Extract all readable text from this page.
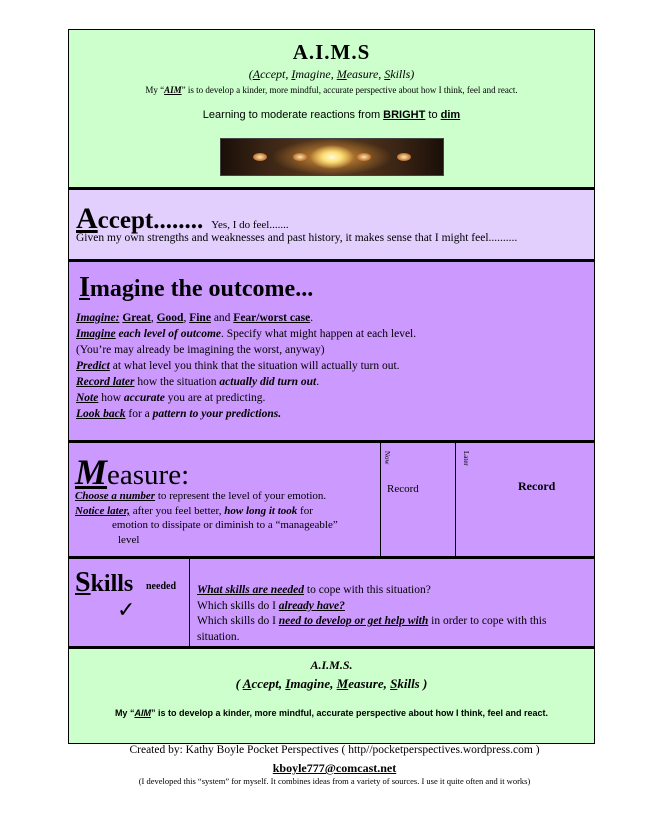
A.I.M.S
(Accept, Imagine, Measure, Skills)
My “AIM” is to develop a kinder, more mindful, accurate perspective about how I think, feel and react.
Learning to moderate reactions from BRIGHT to dim
Accept........ Yes, I do feel.......
Given my own strengths and weaknesses and past history, it makes sense that I might feel..........
Imagine the outcome...
Imagine: Great, Good, Fine and Fear/worst case.
Imagine each level of outcome. Specify what might happen at each level.
(You’re may already be imagining the worst, anyway)
Predict at what level you think that the situation will actually turn out.
Record later how the situation actually did turn out.
Note how accurate you are at predicting.
Look back for a pattern to your predictions.
Measure:
Choose a number to represent the level of your emotion.
Notice later, after you feel better, how long it took for
emotion to dissipate or diminish to a “manageable”
level
Now
Record
Later
Record
Skills needed
✓
What skills are needed to cope with this situation?
Which skills do I already have?
Which skills do I need to develop or get help with in order to cope with this situation.
A.I.M.S.
( Accept, Imagine, Measure, Skills )
My “AIM” is to develop a kinder, more mindful, accurate perspective about how I think, feel and react.
Created by: Kathy Boyle Pocket Perspectives ( http//pocketperspectives.wordpress.com )
kboyle777@comcast.net
(I developed this “system” for myself. It combines ideas from a variety of sources. I use it quite often and it works)
